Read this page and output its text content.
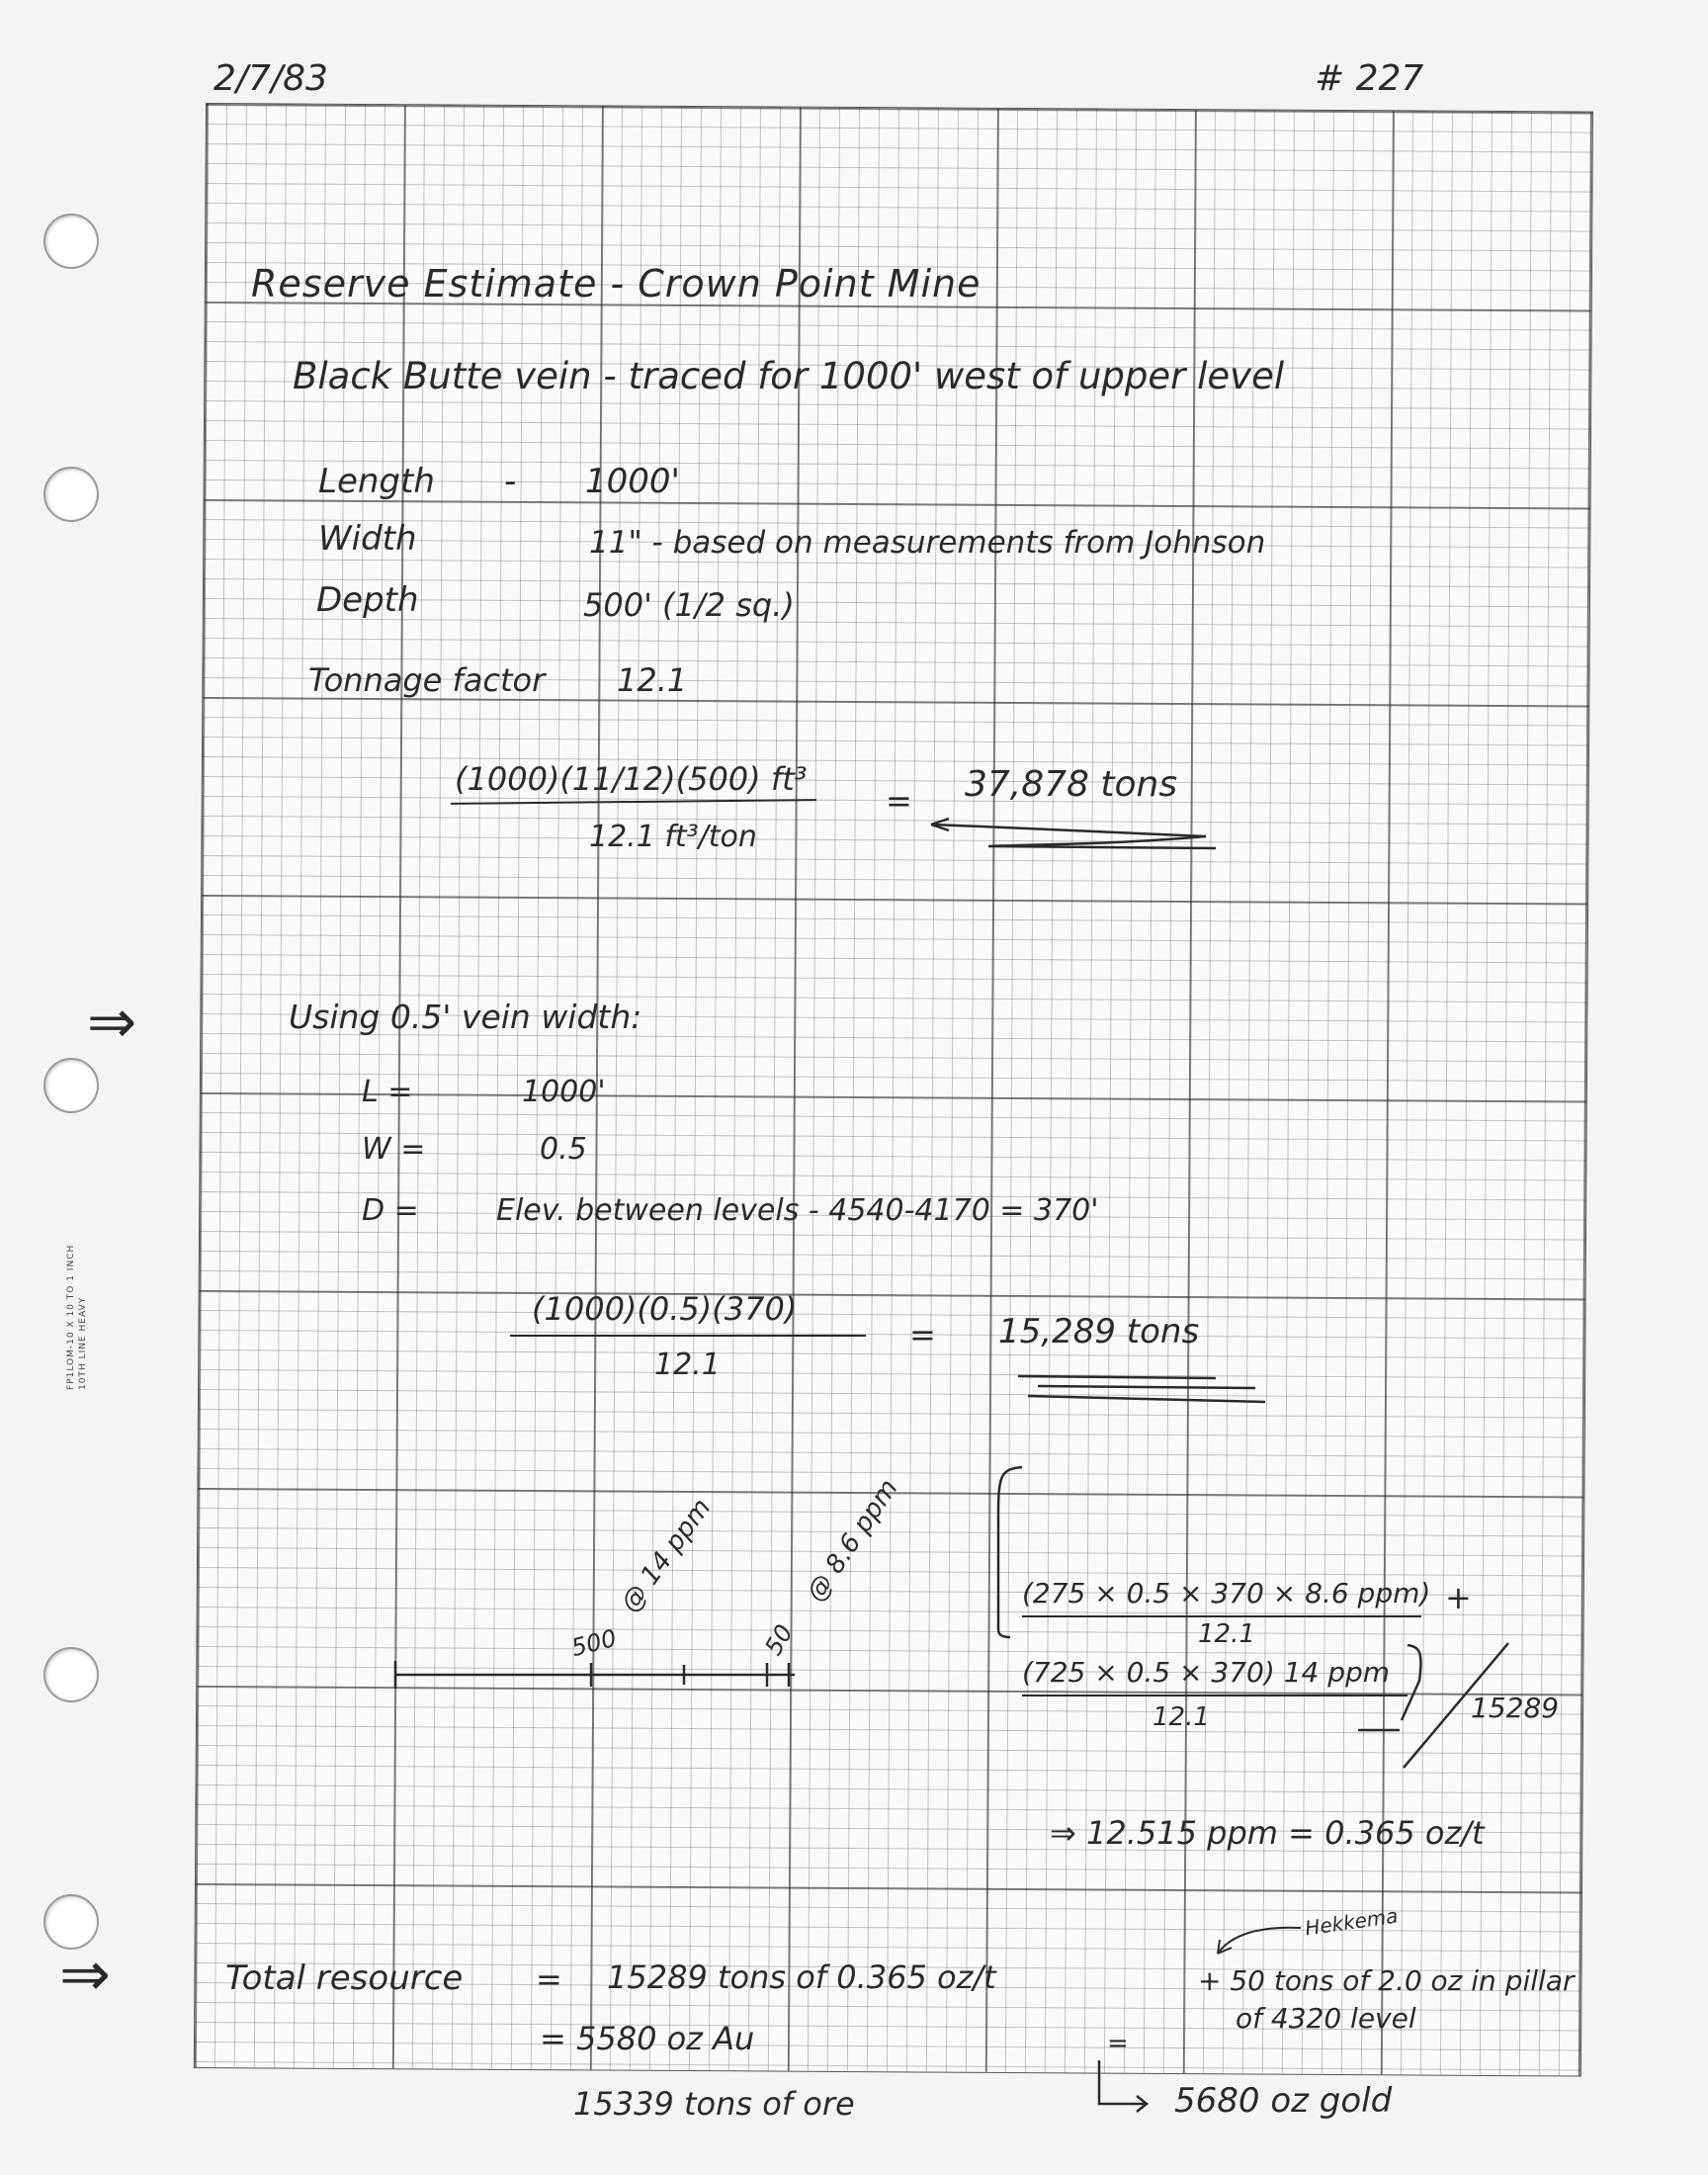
FP1LOM-10 X 10 TO 1 INCH 10TH LINE HEAVY
2/7/83	# 227
Reserve Estimate - Crown Point Mine
Black Butte vein - traced for 1000' west of upper level
Length - 1000'
Width	11" - based on measurements from Johnson
Depth	500' (1/2 sq.)
Tonnage factor 12.1
(1000)(11/12)(500) ft³
12.1 ft³/ton
= 37,878 tons
⇒	Using 0.5' vein width:
L =	1000'
W =	0.5
D =	Elev. between levels - 4540-4170 = 370'
(1000)(0.5)(370)
12.1
= 15,289 tons
500
@ 14 ppm
50
@ 8.6 ppm	(275 × 0.5 × 370 × 8.6 ppm) +
12.1
(725 × 0.5 × 370) 14 ppm
12.1	15289
⇒ 12.515 ppm = 0.365 oz/t
⇒	Total resource = 15289 tons of 0.365 oz/t
Hekkema
+ 50 tons of 2.0 oz in pillar
of 4320 level
= 5580 oz Au	=
15339 tons of ore	5680 oz gold
